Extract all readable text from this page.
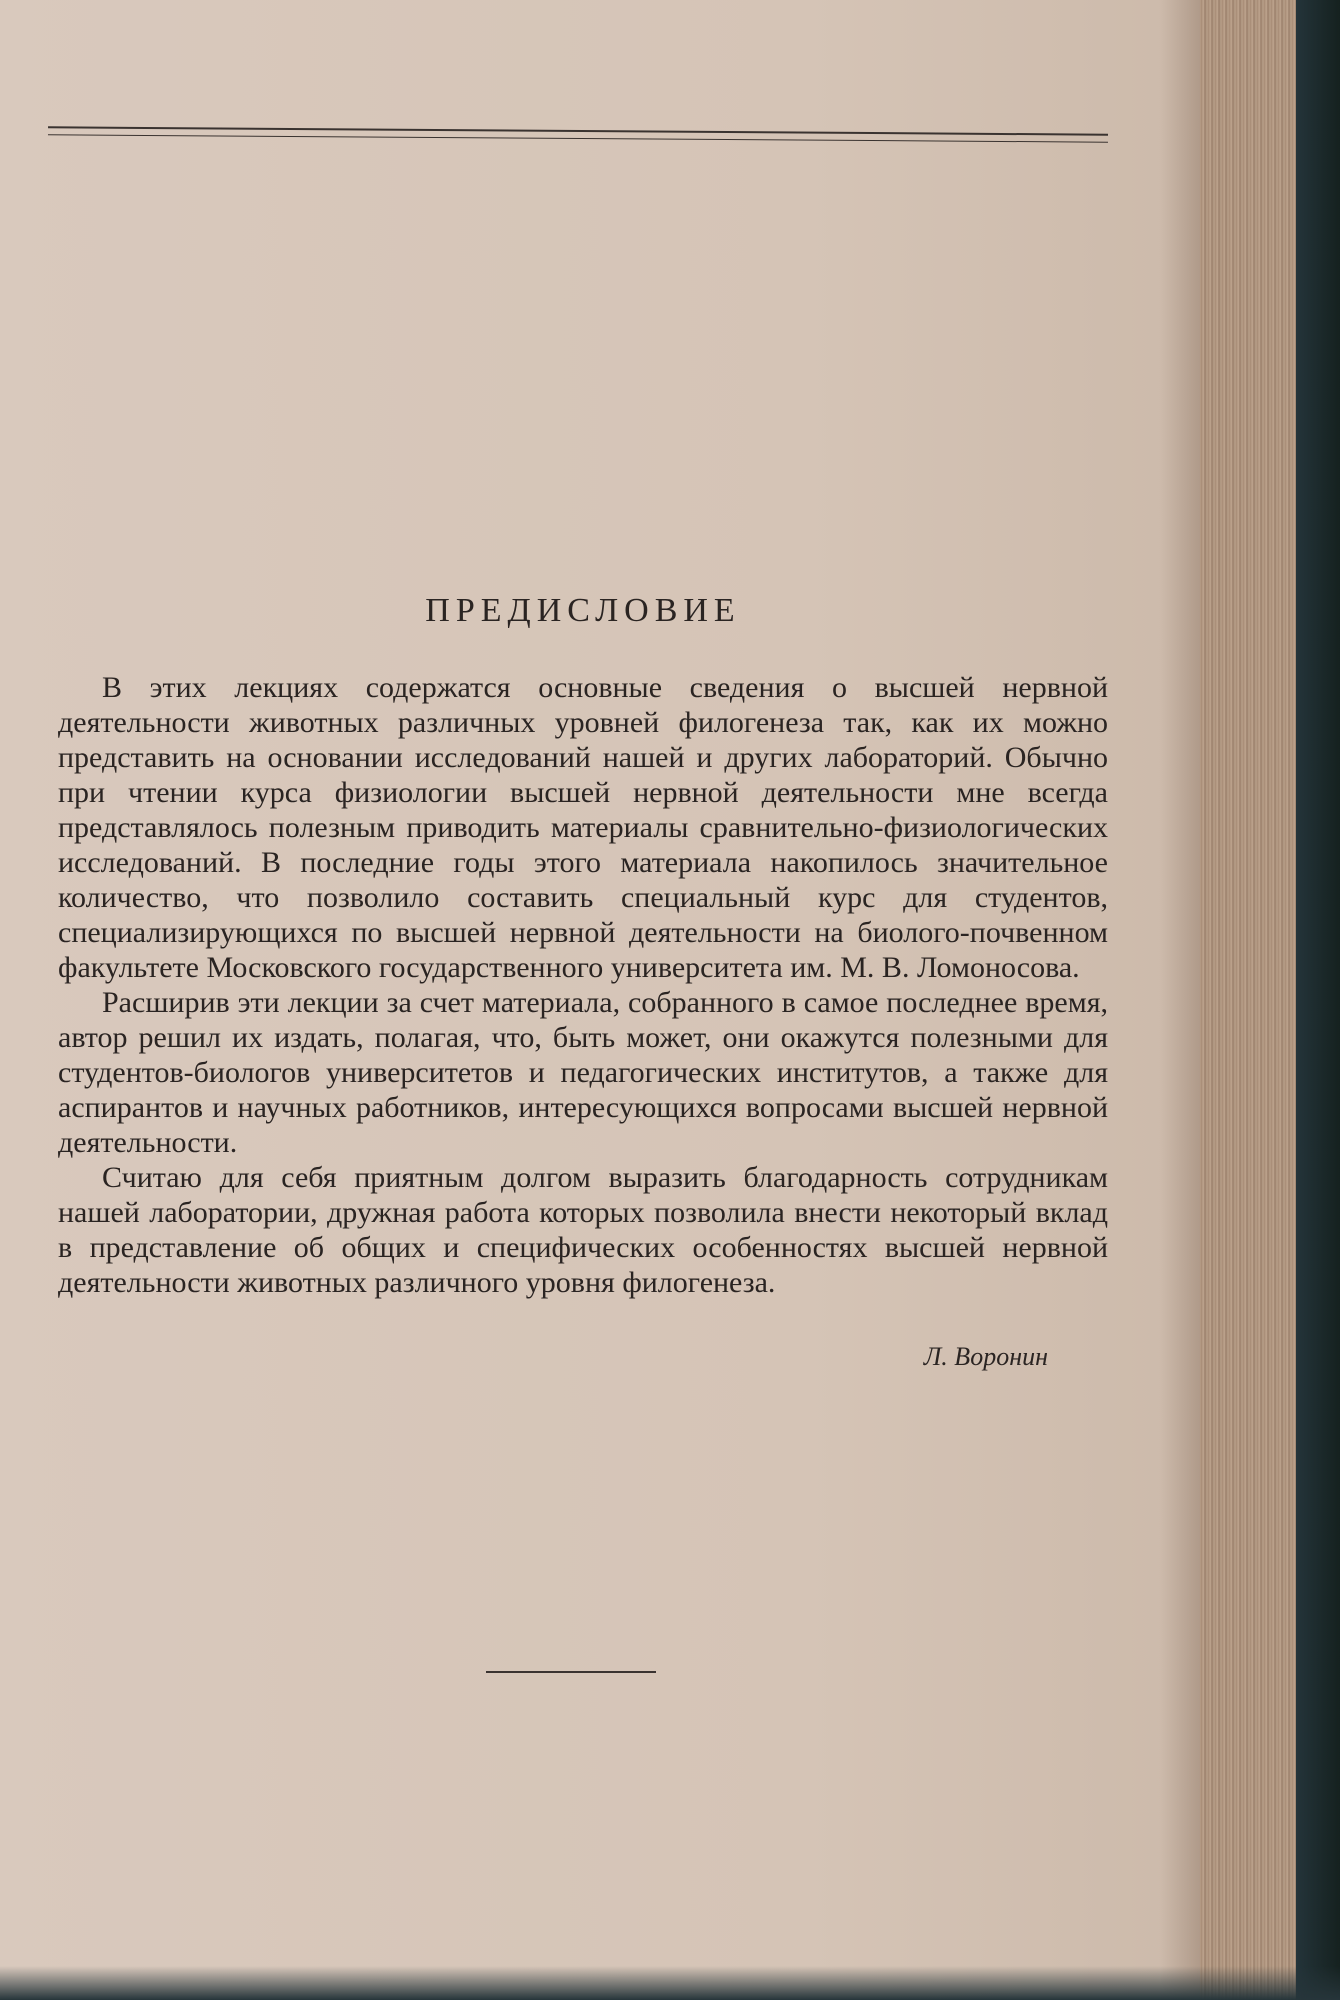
ПРЕДИСЛОВИЕ

В этих лекциях содержатся основные сведения о высшей нервной деятельности животных различных уровней филогенеза так, как их можно представить на основании исследований нашей и других лабораторий. Обычно при чтении курса физиологии высшей нервной деятельности мне всегда представлялось полезным приводить материалы сравнительно-физиологических исследований. В последние годы этого материала накопилось значительное количество, что позволило составить специальный курс для студентов, специализирующихся по высшей нервной деятельности на биолого-почвенном факультете Московского государственного университета им. М. В. Ломоносова.

Расширив эти лекции за счет материала, собранного в самое последнее время, автор решил их издать, полагая, что, быть может, они окажутся полезными для студентов-биологов университетов и педагогических институтов, а также для аспирантов и научных работников, интересующихся вопросами высшей нервной деятельности.

Считаю для себя приятным долгом выразить благодарность сотрудникам нашей лаборатории, дружная работа которых позволила внести некоторый вклад в представление об общих и специфических особенностях высшей нервной деятельности животных различного уровня филогенеза.

Л. Воронин
